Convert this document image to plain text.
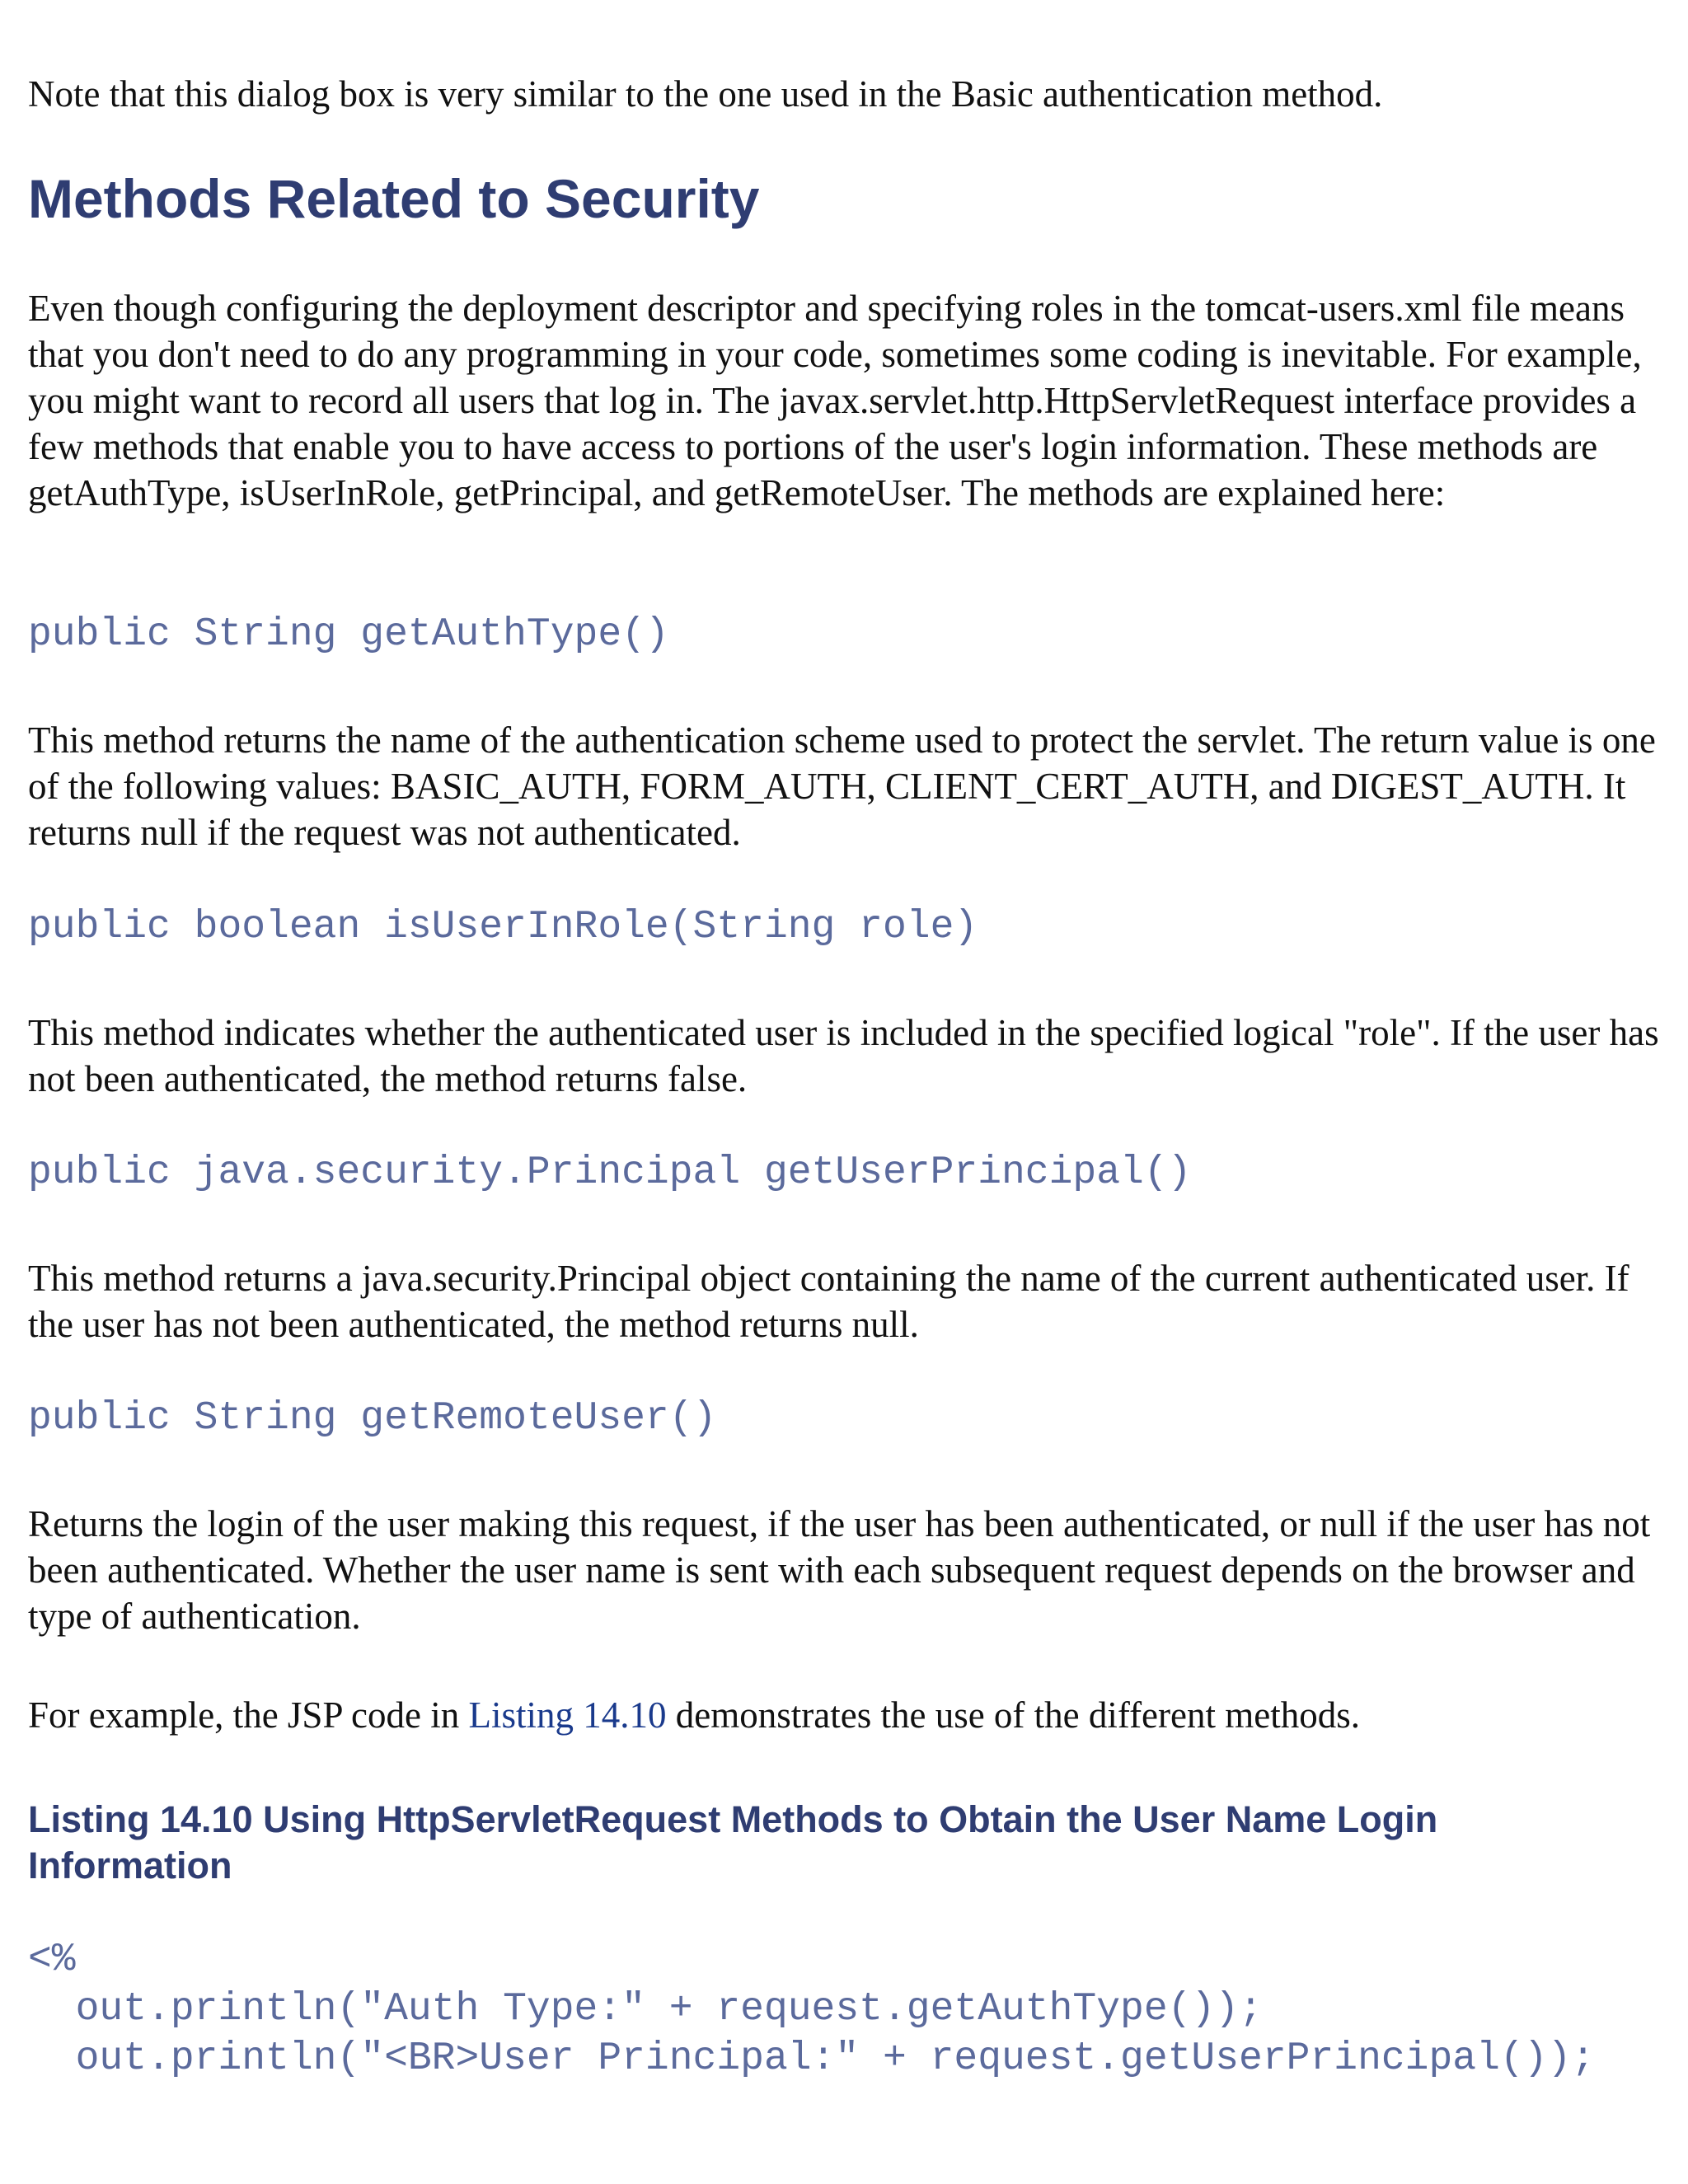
Note that this dialog box is very similar to the one used in the Basic authentication method.

Methods Related to Security

Even though configuring the deployment descriptor and specifying roles in the tomcat-users.xml file means that you don't need to do any programming in your code, sometimes some coding is inevitable. For example, you might want to record all users that log in. The javax.servlet.http.HttpServletRequest interface provides a few methods that enable you to have access to portions of the user's login information. These methods are getAuthType, isUserInRole, getPrincipal, and getRemoteUser. The methods are explained here:

public String getAuthType()

This method returns the name of the authentication scheme used to protect the servlet. The return value is one of the following values: BASIC_AUTH, FORM_AUTH, CLIENT_CERT_AUTH, and DIGEST_AUTH. It returns null if the request was not authenticated.

public boolean isUserInRole(String role)

This method indicates whether the authenticated user is included in the specified logical "role". If the user has not been authenticated, the method returns false.

public java.security.Principal getUserPrincipal()

This method returns a java.security.Principal object containing the name of the current authenticated user. If the user has not been authenticated, the method returns null.

public String getRemoteUser()

Returns the login of the user making this request, if the user has been authenticated, or null if the user has not been authenticated. Whether the user name is sent with each subsequent request depends on the browser and type of authentication.

For example, the JSP code in Listing 14.10 demonstrates the use of the different methods.

Listing 14.10 Using HttpServletRequest Methods to Obtain the User Name Login Information

<%

out.println("Auth Type:" + request.getAuthType());

out.println("<BR>User Principal:" + request.getUserPrincipal());
